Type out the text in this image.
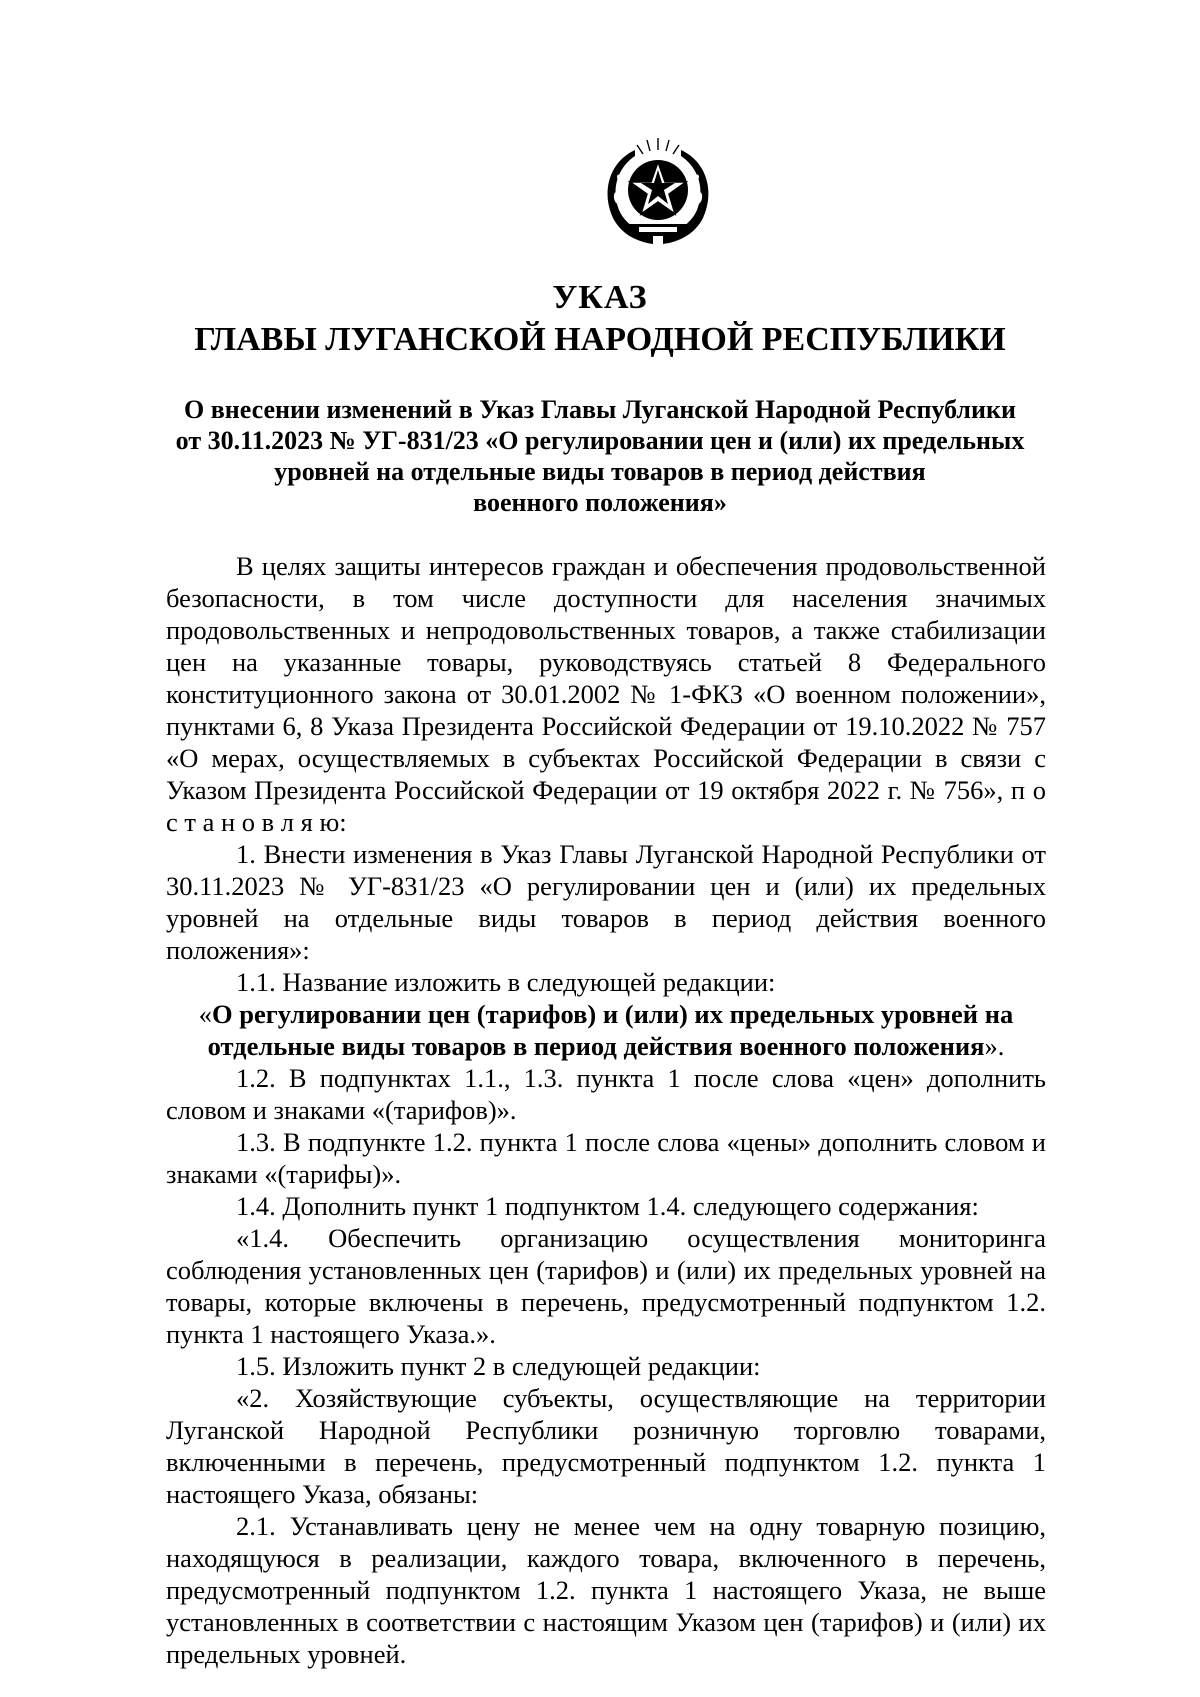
УКАЗ
ГЛАВЫ ЛУГАНСКОЙ НАРОДНОЙ РЕСПУБЛИКИ
О внесении изменений в Указ Главы Луганской Народной Республики
от 30.11.2023 № УГ-831/23 «О регулировании цен и (или) их предельных
уровней на отдельные виды товаров в период действия
военного положения»

В целях защиты интересов граждан и обеспечения продовольственной безопасности, в том числе доступности для населения значимых продовольственных и непродовольственных товаров, а также стабилизации цен на указанные товары, руководствуясь статьей 8 Федерального конституционного закона от 30.01.2002 № 1-ФКЗ «О военном положении», пунктами 6, 8 Указа Президента Российской Федерации от 19.10.2022 № 757 «О мерах, осуществляемых в субъектах Российской Федерации в связи с Указом Президента Российской Федерации от 19 октября 2022 г. № 756», п о с т а н о в л я ю:

1. Внести изменения в Указ Главы Луганской Народной Республики от 30.11.2023 № УГ-831/23 «О регулировании цен и (или) их предельных уровней на отдельные виды товаров в период действия военного положения»:

1.1. Название изложить в следующей редакции:

«О регулировании цен (тарифов) и (или) их предельных уровней на отдельные виды товаров в период действия военного положения».

1.2. В подпунктах 1.1., 1.3. пункта 1 после слова «цен» дополнить словом и знаками «(тарифов)».

1.3. В подпункте 1.2. пункта 1 после слова «цены» дополнить словом и знаками «(тарифы)».

1.4. Дополнить пункт 1 подпунктом 1.4. следующего содержания:

«1.4. Обеспечить организацию осуществления мониторинга соблюдения установленных цен (тарифов) и (или) их предельных уровней на товары, которые включены в перечень, предусмотренный подпунктом 1.2. пункта 1 настоящего Указа.».

1.5. Изложить пункт 2 в следующей редакции:

«2. Хозяйствующие субъекты, осуществляющие на территории Луганской Народной Республики розничную торговлю товарами, включенными в перечень, предусмотренный подпунктом 1.2. пункта 1 настоящего Указа, обязаны:

2.1. Устанавливать цену не менее чем на одну товарную позицию, находящуюся в реализации, каждого товара, включенного в перечень, предусмотренный подпунктом 1.2. пункта 1 настоящего Указа, не выше установленных в соответствии с настоящим Указом цен (тарифов) и (или) их предельных уровней.
